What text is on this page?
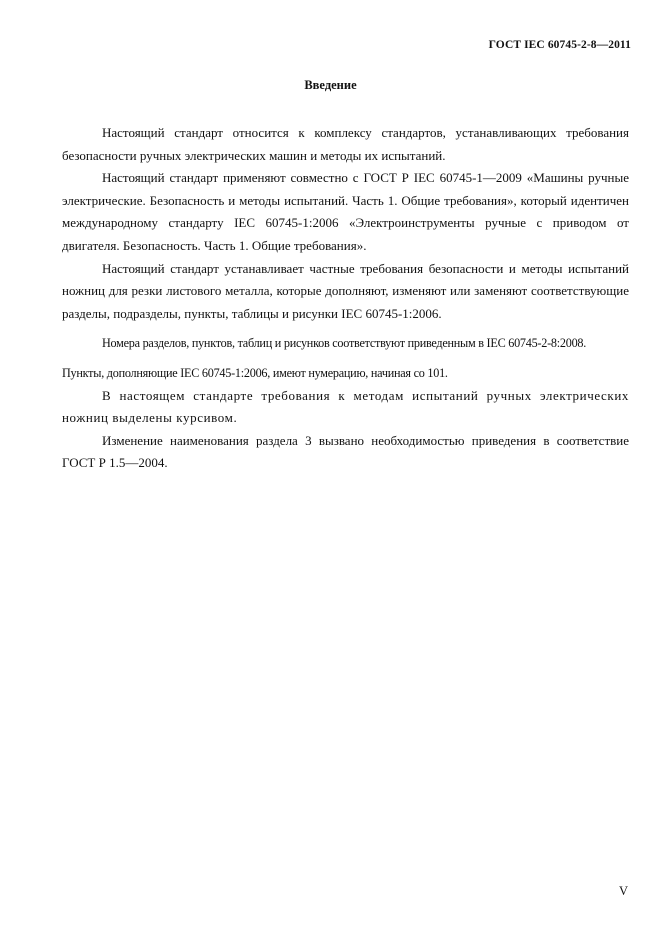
ГОСТ IEC 60745-2-8—2011
Введение

Настоящий стандарт относится к комплексу стандартов, устанавливающих требования безопасности ручных электрических машин и методы их испытаний.

Настоящий стандарт применяют совместно с ГОСТ Р IEC 60745-1—2009 «Машины ручные электрические. Безопасность и методы испытаний. Часть 1. Общие требования», который идентичен международному стандарту IEC 60745-1:2006 «Электроинструменты ручные с приводом от двигателя. Безопасность. Часть 1. Общие требования».

Настоящий стандарт устанавливает частные требования безопасности и методы испытаний ножниц для резки листового металла, которые дополняют, изменяют или заменяют соответствующие разделы, подразделы, пункты, таблицы и рисунки IEC 60745-1:2006.

Номера разделов, пунктов, таблиц и рисунков соответствуют приведенным в IEC 60745-2-8:2008.

Пункты, дополняющие IEC 60745-1:2006, имеют нумерацию, начиная со 101.

В настоящем стандарте требования к методам испытаний ручных электрических ножниц выделены курсивом.

Изменение наименования раздела 3 вызвано необходимостью приведения в соответствие ГОСТ Р 1.5—2004.

V
